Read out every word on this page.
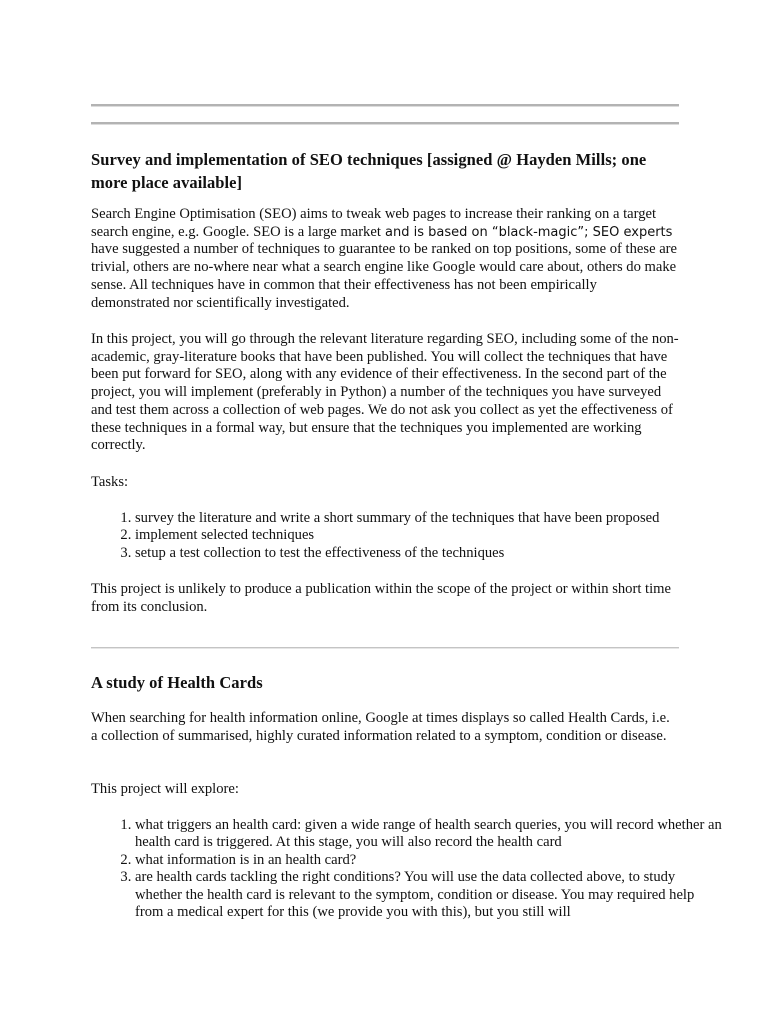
Survey and implementation of SEO techniques [assigned @ Hayden Mills; one more place available]

Search Engine Optimisation (SEO) aims to tweak web pages to increase their ranking on a target search engine, e.g. Google. SEO is a large market and is based on “black-magic”; SEO experts have suggested a number of techniques to guarantee to be ranked on top positions, some of these are trivial, others are no-where near what a search engine like Google would care about, others do make sense. All techniques have in common that their effectiveness has not been empirically demonstrated nor scientifically investigated.

In this project, you will go through the relevant literature regarding SEO, including some of the non-academic, gray-literature books that have been published. You will collect the techniques that have been put forward for SEO, along with any evidence of their effectiveness. In the second part of the project, you will implement (preferably in Python) a number of the techniques you have surveyed and test them across a collection of web pages. We do not ask you collect as yet the effectiveness of these techniques in a formal way, but ensure that the techniques you implemented are working correctly.

Tasks:

1. survey the literature and write a short summary of the techniques that have been proposed
2. implement selected techniques
3. setup a test collection to test the effectiveness of the techniques

This project is unlikely to produce a publication within the scope of the project or within short time from its conclusion.

A study of Health Cards

When searching for health information online, Google at times displays so called Health Cards, i.e. a collection of summarised, highly curated information related to a symptom, condition or disease.

This project will explore:

1. what triggers an health card: given a wide range of health search queries, you will record whether an health card is triggered. At this stage, you will also record the health card
2. what information is in an health card?
3. are health cards tackling the right conditions? You will use the data collected above, to study whether the health card is relevant to the symptom, condition or disease. You may required help from a medical expert for this (we provide you with this), but you still will
